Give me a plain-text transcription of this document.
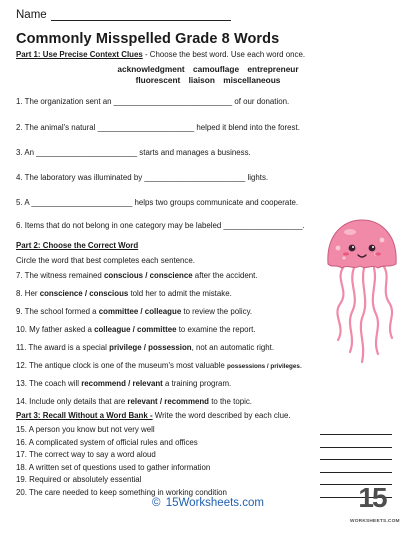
Name
Commonly Misspelled Grade 8 Words
Part 1: Use Precise Context Clues - Choose the best word. Use each word once.
acknowledgment camouflage entrepreneur
fluorescent liaison miscellaneous
1. The organization sent an ___________________________ of our donation.
2. The animal's natural ______________________ helped it blend into the forest.
3. An _______________________ starts and manages a business.
4. The laboratory was illuminated by _______________________ lights.
5. A _______________________ helps two groups communicate and cooperate.
6. Items that do not belong in one category may be labeled __________________.
Part 2: Choose the Correct Word
Circle the word that best completes each sentence.
7. The witness remained conscious / conscience after the accident.
8. Her conscience / conscious told her to admit the mistake.
9. The school formed a committee / colleague to review the policy.
10. My father asked a colleague / committee to examine the report.
11. The award is a special privilege / possession, not an automatic right.
12. The antique clock is one of the museum's most valuable possessions / privileges.
13. The coach will recommend / relevant a training program.
14. Include only details that are relevant / recommend to the topic.
Part 3: Recall Without a Word Bank - Write the word described by each clue.
15. A person you know but not very well
16. A complicated system of official rules and offices
17. The correct way to say a word aloud
18. A written set of questions used to gather information
19. Required or absolutely essential
20. The care needed to keep something in working condition
© 15Worksheets.com	15
WORKSHEETS.COM
